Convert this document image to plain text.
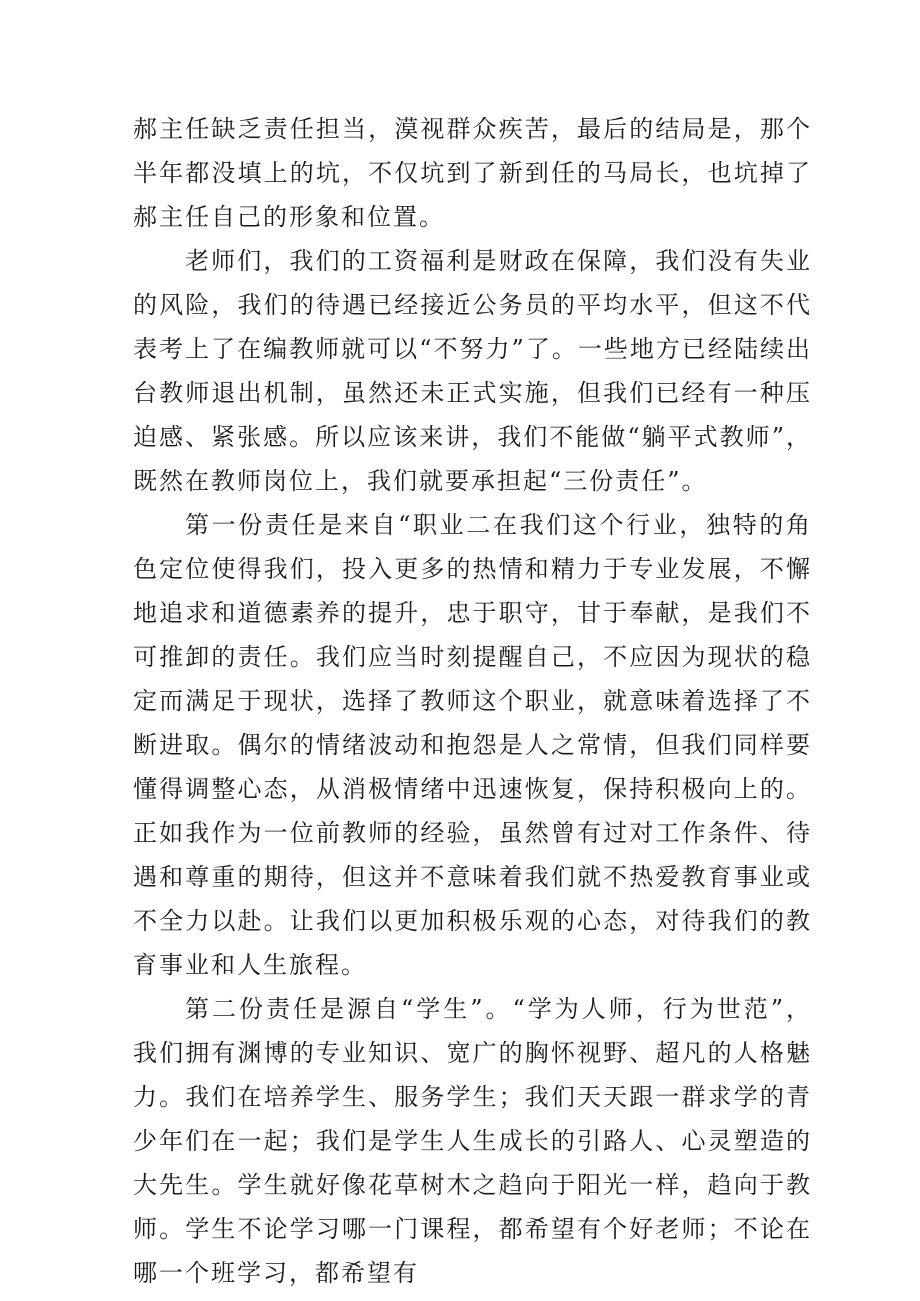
郝主任缺乏责任担当，漠视群众疾苦，最后的结局是，那个半年都没填上的坑，不仅坑到了新到任的马局长，也坑掉了郝主任自己的形象和位置。

老师们，我们的工资福利是财政在保障，我们没有失业的风险，我们的待遇已经接近公务员的平均水平，但这不代表考上了在编教师就可以“不努力”了。一些地方已经陆续出台教师退出机制，虽然还未正式实施，但我们已经有一种压迫感、紧张感。所以应该来讲，我们不能做“躺平式教师”，既然在教师岗位上，我们就要承担起“三份责任”。

第一份责任是来自“职业二在我们这个行业，独特的角色定位使得我们，投入更多的热情和精力于专业发展，不懈地追求和道德素养的提升，忠于职守，甘于奉献，是我们不可推卸的责任。我们应当时刻提醒自己，不应因为现状的稳定而满足于现状，选择了教师这个职业，就意味着选择了不断进取。偶尔的情绪波动和抱怨是人之常情，但我们同样要懂得调整心态，从消极情绪中迅速恢复，保持积极向上的。正如我作为一位前教师的经验，虽然曾有过对工作条件、待遇和尊重的期待，但这并不意味着我们就不热爱教育事业或不全力以赴。让我们以更加积极乐观的心态，对待我们的教育事业和人生旅程。

第二份责任是源自“学生”。“学为人师，行为世范”，我们拥有渊博的专业知识、宽广的胸怀视野、超凡的人格魅力。我们在培养学生、服务学生；我们天天跟一群求学的青少年们在一起；我们是学生人生成长的引路人、心灵塑造的大先生。学生就好像花草树木之趋向于阳光一样，趋向于教师。学生不论学习哪一门课程，都希望有个好老师；不论在哪一个班学习，都希望有
